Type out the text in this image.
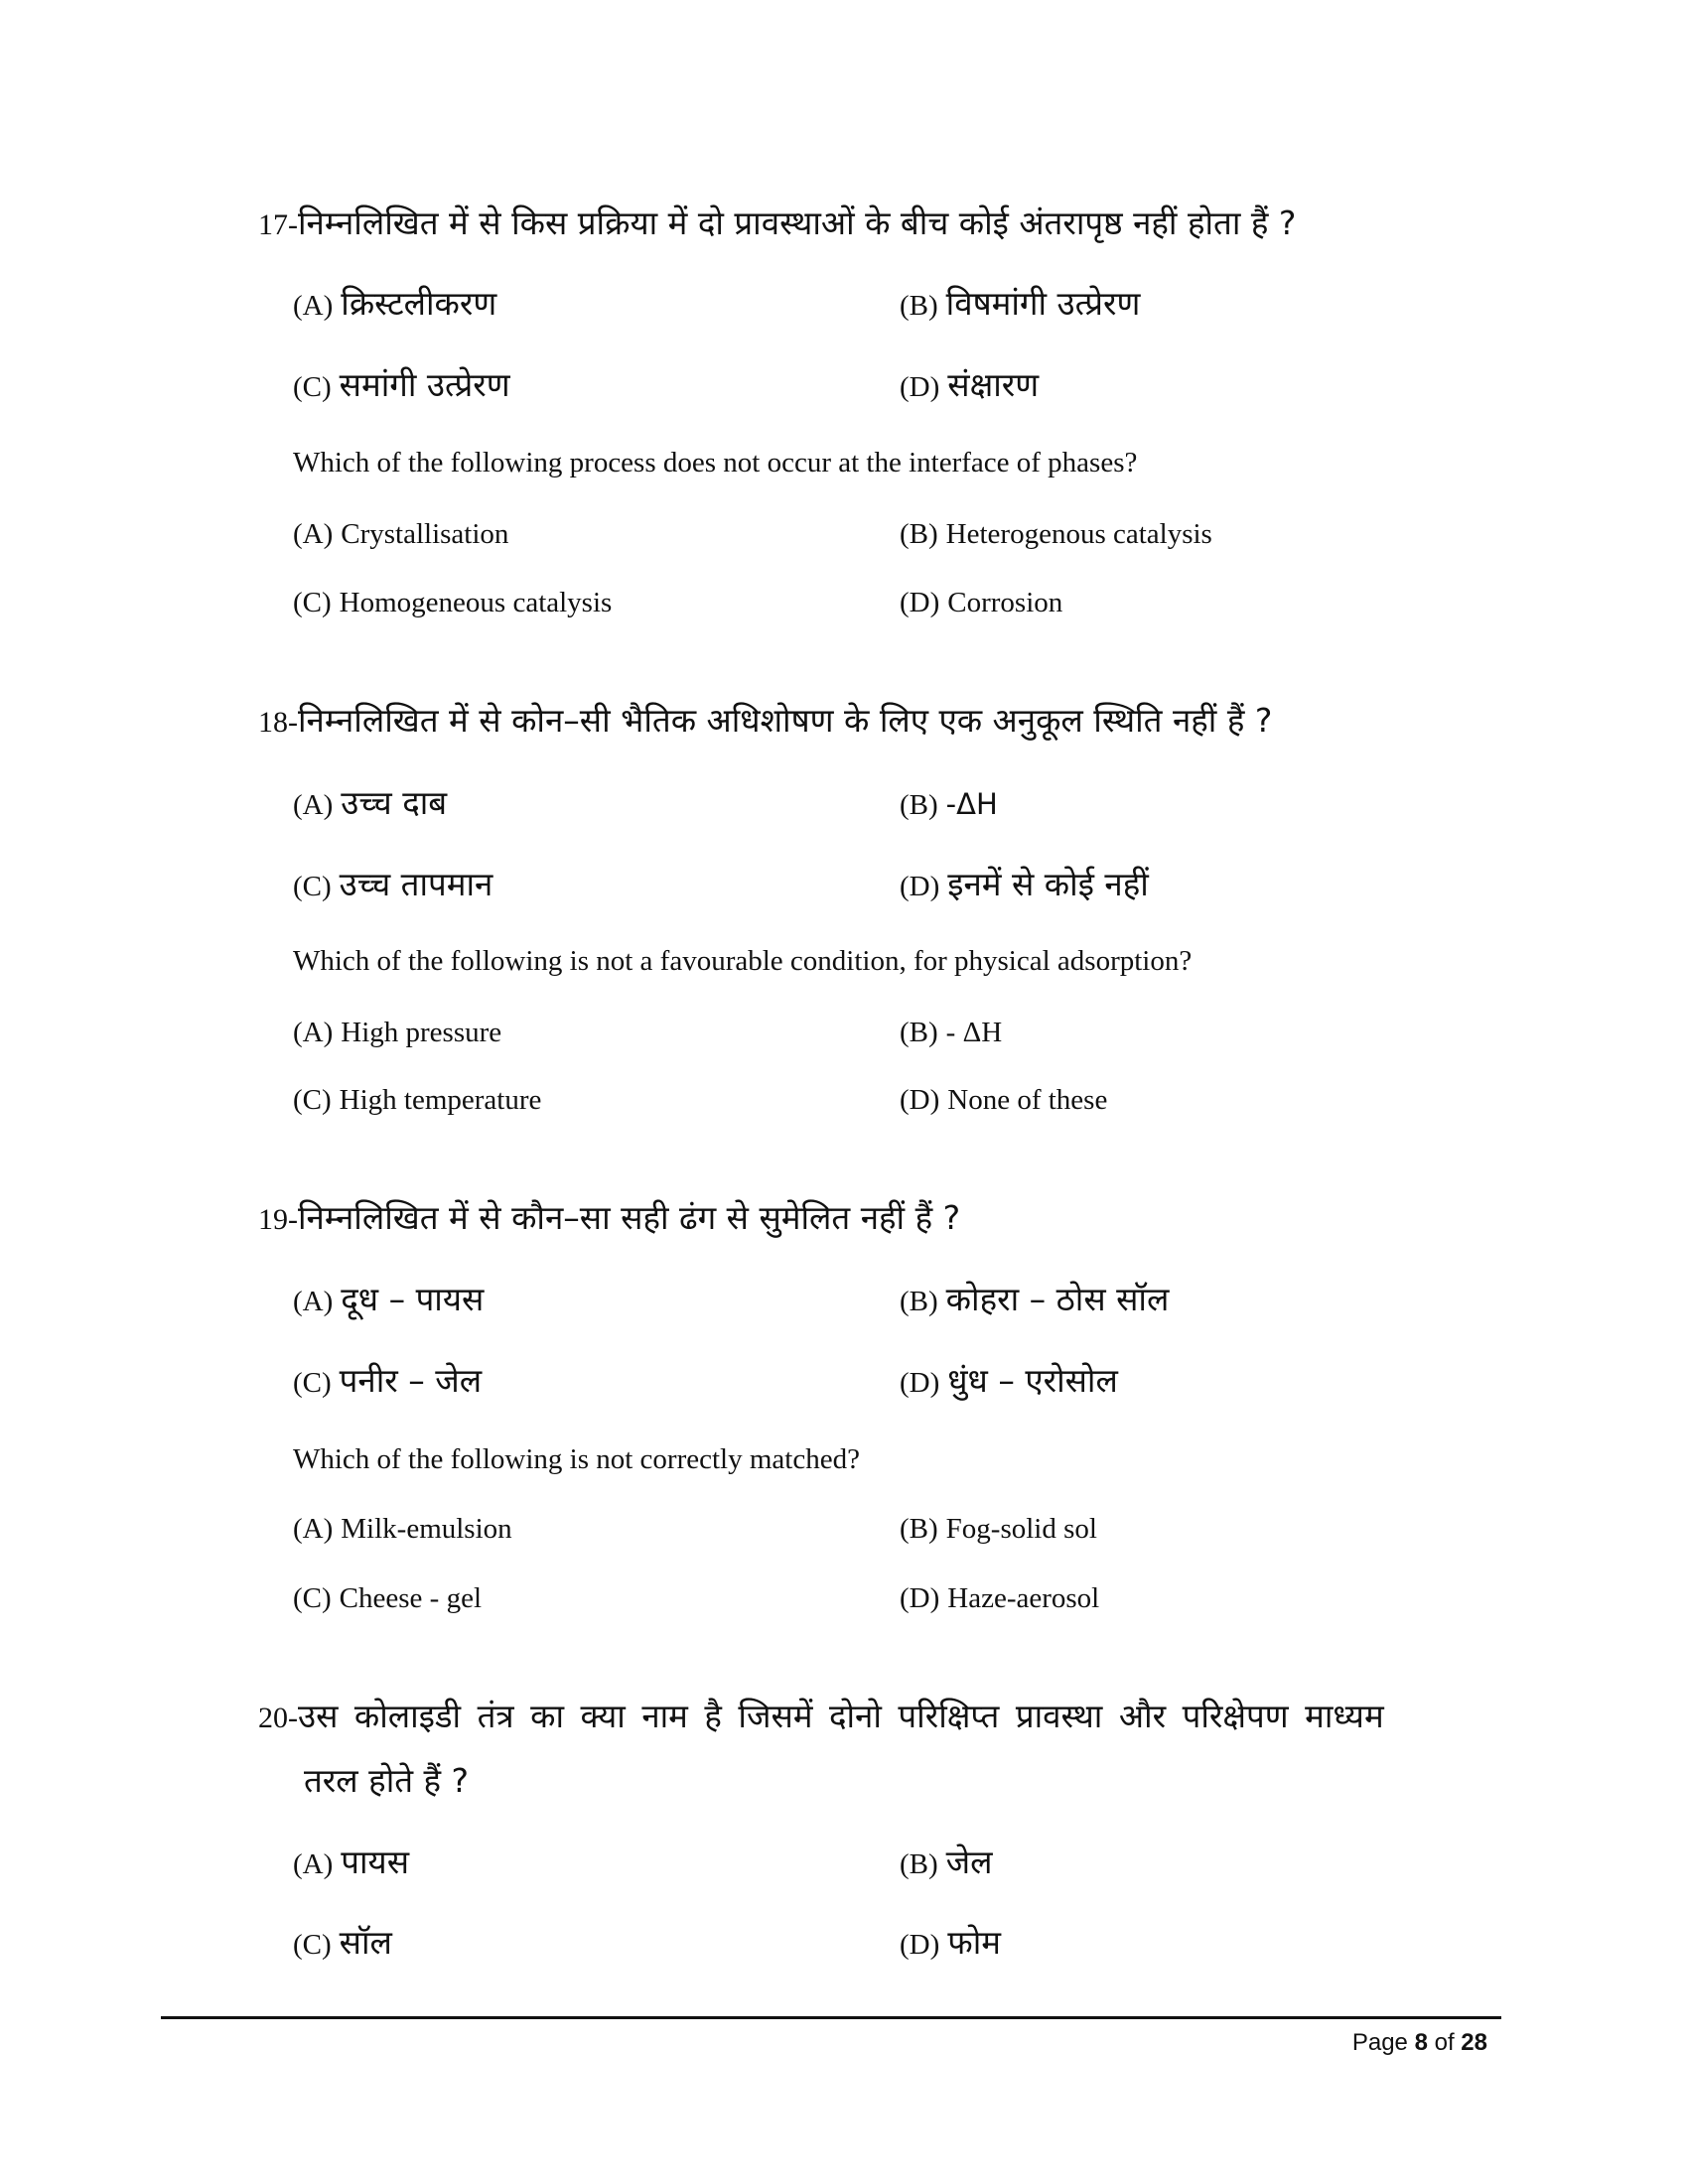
17-निम्नलिखित में से किस प्रक्रिया में दो प्रावस्थाओं के बीच कोई अंतरापृष्ठ नहीं होता हैं ?
(A) क्रिस्टलीकरण	(B) विषमांगी उत्प्रेरण
(C) समांगी उत्प्रेरण	(D) संक्षारण
Which of the following process does not occur at the interface of phases?
(A) Crystallisation	(B) Heterogenous catalysis
(C) Homogeneous catalysis	(D) Corrosion
18-निम्नलिखित में से कोन–सी भैतिक अधिशोषण के लिए एक अनुकूल स्थिति नहीं हैं ?
(A) उच्च दाब	(B) -ΔH
(C) उच्च तापमान	(D) इनमें से कोई नहीं
Which of the following is not a favourable condition, for physical adsorption?
(A) High pressure	(B) - ΔH
(C) High temperature	(D) None of these
19-निम्नलिखित में से कौन–सा सही ढंग से सुमेलित नहीं हैं ?
(A) दूध – पायस	(B) कोहरा – ठोस सॉल
(C) पनीर – जेल	(D) धुंध – एरोसोल
Which of the following is not correctly matched?
(A) Milk-emulsion	(B) Fog-solid sol
(C) Cheese - gel	(D) Haze-aerosol
20-उस कोलाइडी तंत्र का क्या नाम है जिसमें दोनो परिक्षिप्त प्रावस्था और परिक्षेपण माध्यम
तरल होते हैं ?
(A) पायस	(B) जेल
(C) सॉल	(D) फोम
Page 8 of 28
